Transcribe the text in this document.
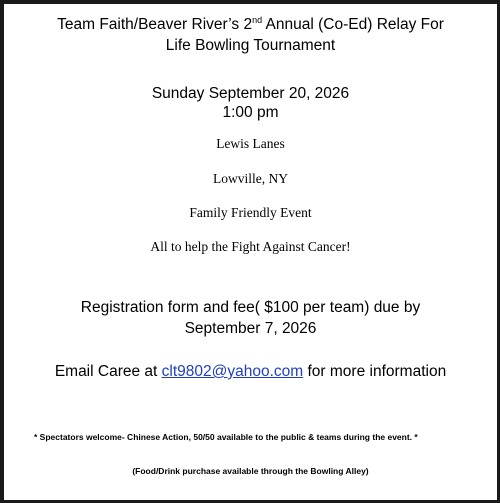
Team Faith/Beaver River’s 2nd Annual (Co-Ed) Relay For
Life Bowling Tournament
Sunday September 20, 2026
1:00 pm
Lewis Lanes
Lowville, NY
Family Friendly Event
All to help the Fight Against Cancer!
Registration form and fee( $100 per team) due by
September 7, 2026
Email Caree at clt9802@yahoo.com for more information
* Spectators welcome- Chinese Action, 50/50 available to the public & teams during the event. *
(Food/Drink purchase available through the Bowling Alley)
